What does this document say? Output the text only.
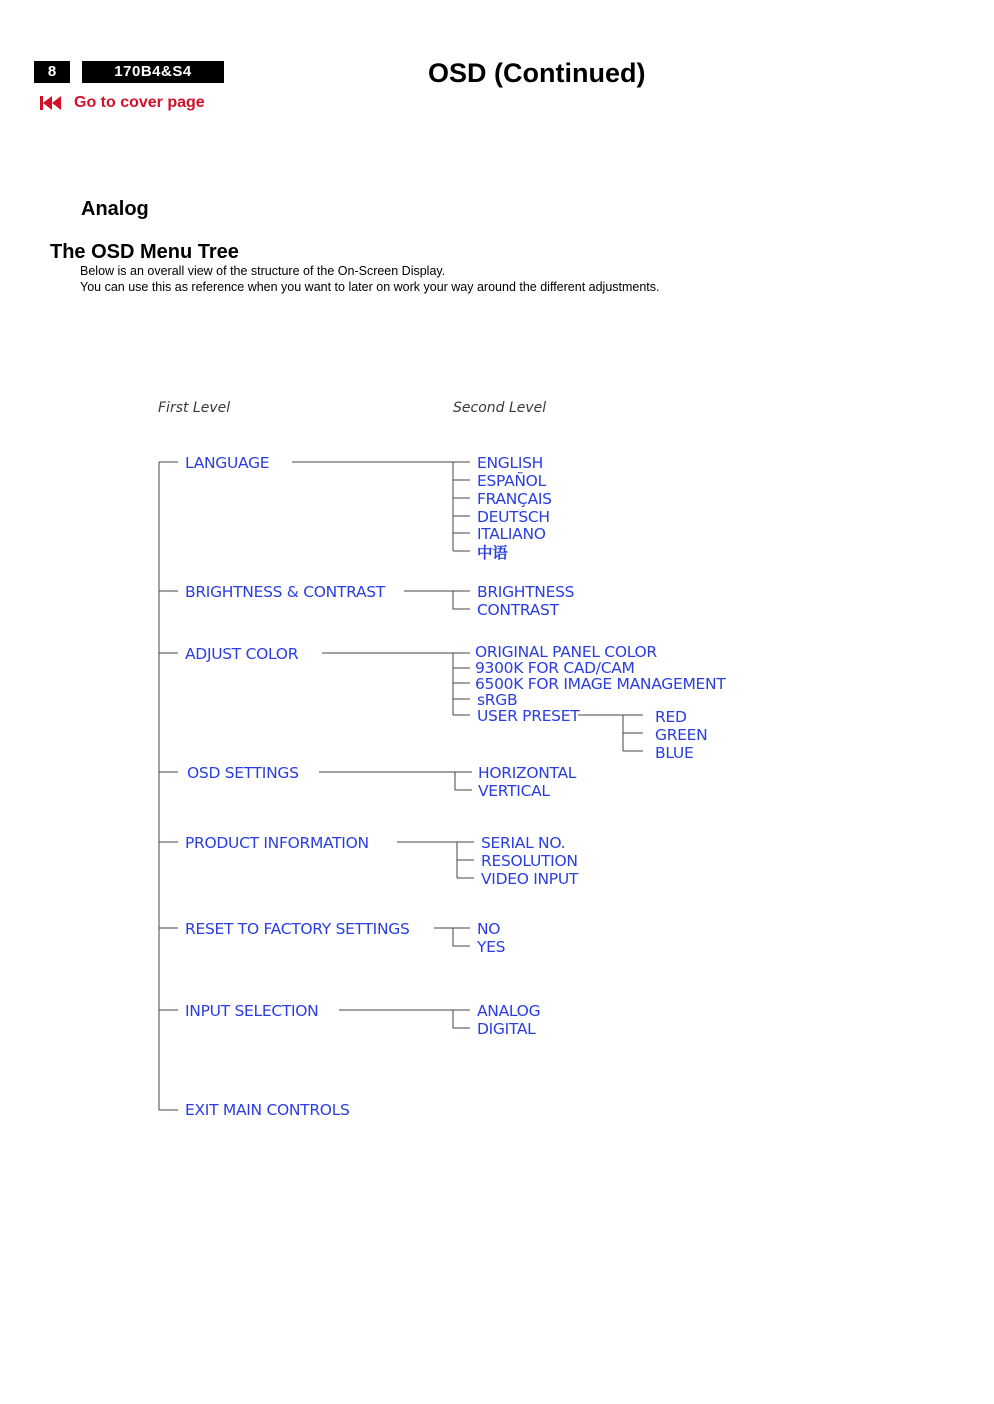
8	170B4&S4	OSD (Continued)
Go to cover page
Analog
The OSD Menu Tree

Below is an overall view of the structure of the On-Screen Display.

You can use this as reference when you want to later on work your way around the different adjustments.

First Level	Second Level
LANGUAGE	ENGLISH
ESPAÑOL
FRANÇAIS
DEUTSCH
ITALIANO
中语
BRIGHTNESS & CONTRAST	BRIGHTNESS
CONTRAST
ADJUST COLOR	ORIGINAL PANEL COLOR
9300K FOR CAD/CAM
6500K FOR IMAGE MANAGEMENT
sRGB
USER PRESET	RED
GREEN
BLUE
OSD SETTINGS	HORIZONTAL
VERTICAL
PRODUCT INFORMATION	SERIAL NO.
RESOLUTION
VIDEO INPUT
RESET TO FACTORY SETTINGS	NO
YES
INPUT SELECTION	ANALOG
DIGITAL
EXIT MAIN CONTROLS
